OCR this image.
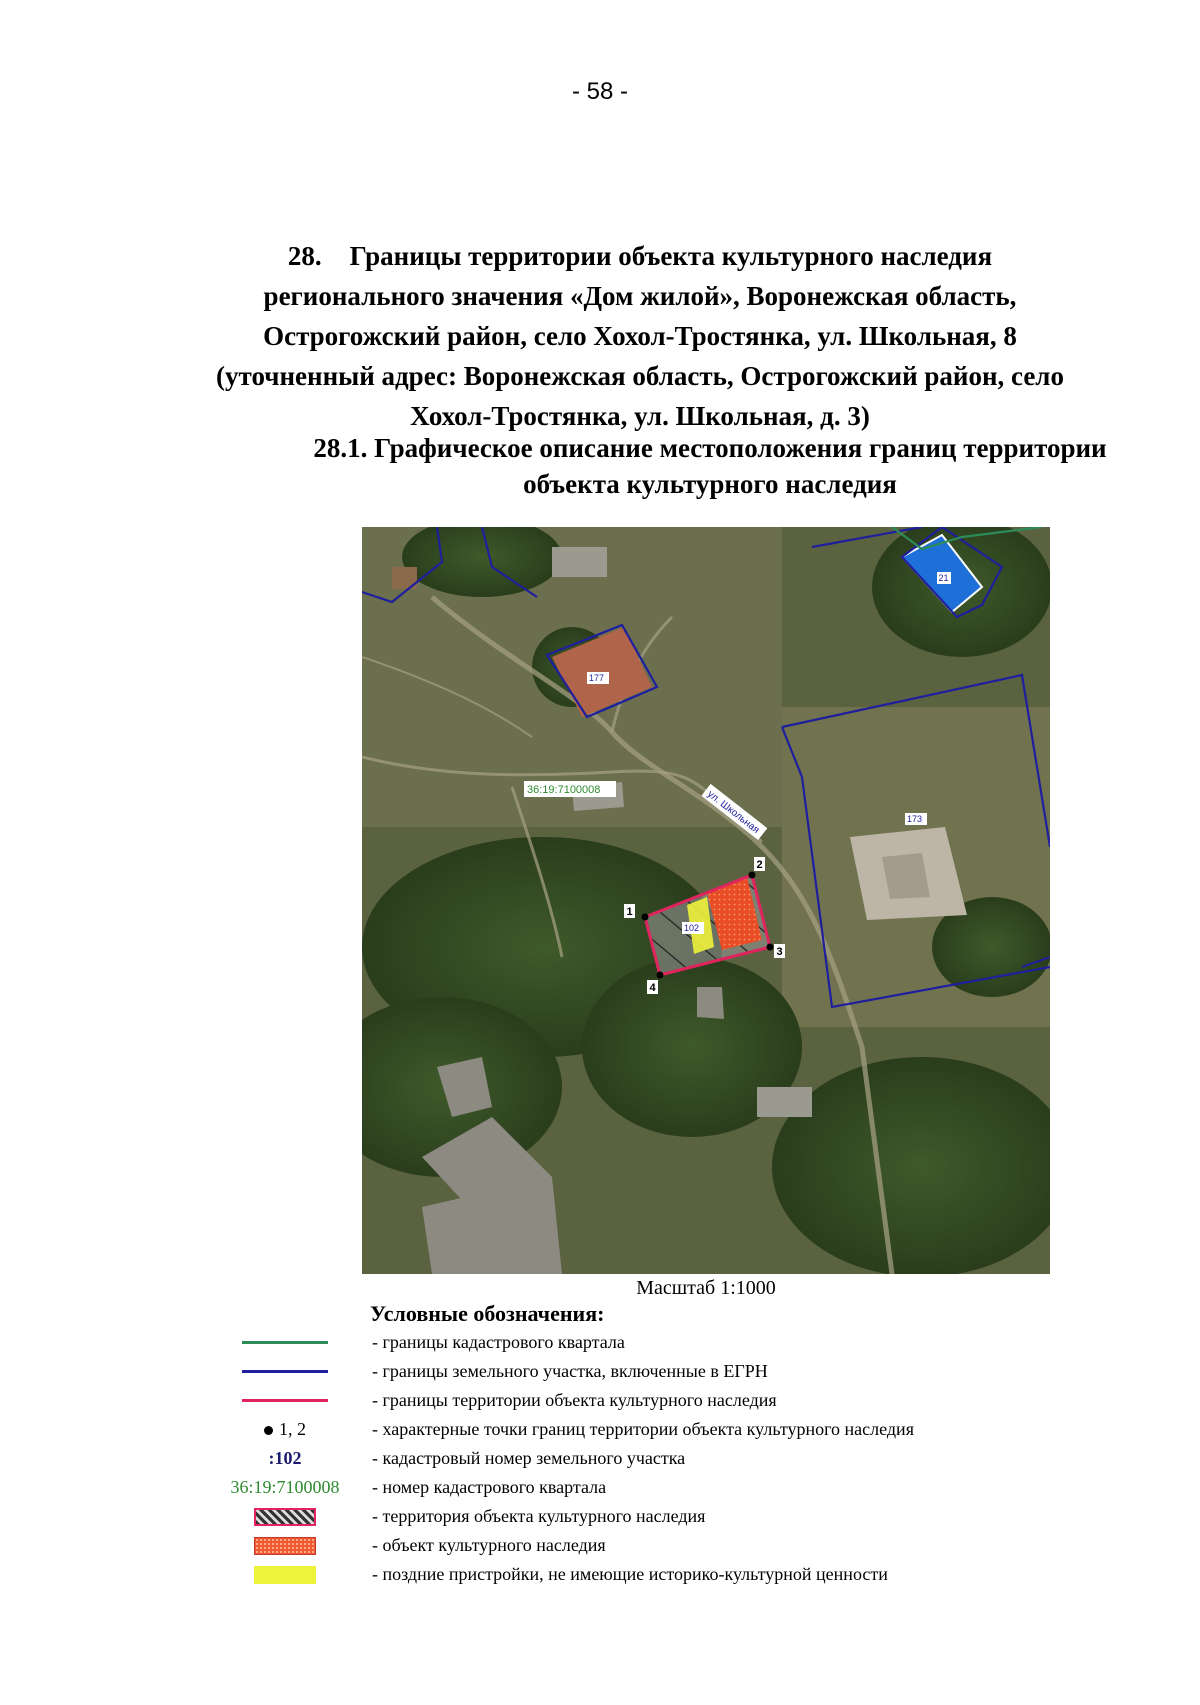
- 58 -
28. Границы территории объекта культурного наследия
регионального значения «Дом жилой», Воронежская область,
Острогожский район, село Хохол-Тростянка, ул. Школьная, 8
(уточненный адрес: Воронежская область, Острогожский район, село
Хохол-Тростянка, ул. Школьная, д. 3)
28.1. Графическое описание местоположения границ территории
объекта культурного наследия
1
2
3
4
21
177
173
102
36:19:7100008	ул. Школьная
Масштаб 1:1000
Условные обозначения:
- границы кадастрового квартала
- границы земельного участка, включенные в ЕГРН
- границы территории объекта культурного наследия
1, 2	- характерные точки границ территории объекта культурного наследия
:102	- кадастровый номер земельного участка
36:19:7100008 - номер кадастрового квартала
- территория объекта культурного наследия
- объект культурного наследия
- поздние пристройки, не имеющие историко-культурной ценности
